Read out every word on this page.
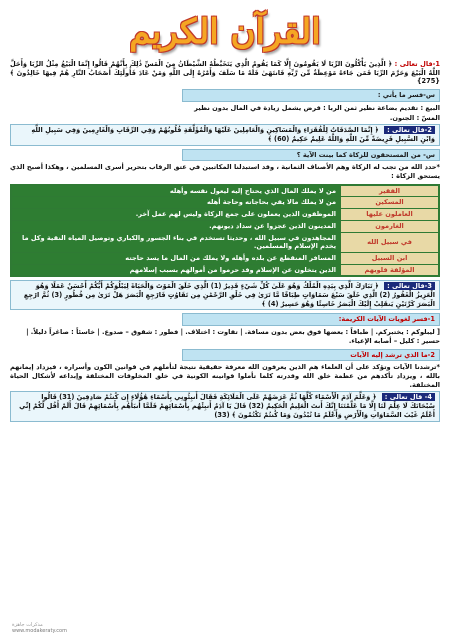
القرآن الكريم

1-قال تعالى : ﴿ الَّذِينَ يَأْكُلُونَ الرِّبَا لَا يَقُومُونَ إِلَّا كَمَا يَقُومُ الَّذِي يَتَخَبَّطُهُ الشَّيْطَانُ مِنَ الْمَسِّ ذَٰلِكَ بِأَنَّهُمْ قَالُوا إِنَّمَا الْبَيْعُ مِثْلُ الرِّبَا وَأَحَلَّ اللَّهُ الْبَيْعَ وَحَرَّمَ الرِّبَا فَمَن جَاءَهُ مَوْعِظَةٌ مِّن رَّبِّهِ فَانتَهَىٰ فَلَهُ مَا سَلَفَ وَأَمْرُهُ إِلَى اللَّهِ وَمَنْ عَادَ فَأُولَٰئِكَ أَصْحَابُ النَّارِ هُمْ فِيهَا خَالِدُونَ ﴾ {275}

س-فسر ما يأتي :
البيع : تقديم بضاعة نظير ثمن الربا : قرض يشمل زيادة في المال بدون نظير
المسّ : الجنون.
2-قال تعالى : ﴿ إِنَّمَا الصَّدَقَاتُ لِلْفُقَرَاءِ وَالْمَسَاكِينِ وَالْعَامِلِينَ عَلَيْهَا وَالْمُؤَلَّفَةِ قُلُوبُهُمْ وَفِي الرِّقَابِ وَالْغَارِمِينَ وَفِي سَبِيلِ اللَّهِ وَابْنِ السَّبِيلِ فَرِيضَةً مِّنَ اللَّهِ وَاللَّهُ عَلِيمٌ حَكِيمٌ (60) ﴾
س- من المستحقون للزكاة كما بينت الآية ؟

*حدد الله من تجب له الزكاة وهم الأصناف الثمانية ، وقد استبدلنا المكاتبين في عتق الرقاب بتحرير أسرى المسلمين ، وهكذا أصبح الذي يستحق الزكاة :

الفقير	من لا يملك المال الذي يحتاج إليه ليعول نفسه وأهله
المسكين	من لا يملك مالا يفي بحاجاته وحاجة أهله
العاملون عليها	الموظفون الذين يعملون على جمع الزكاة وليس لهم عمل آخر.
الغارمون	المدينون الذين عجزوا عن سداد ديونهم.
في سبيل الله	المجاهدون في سبيل الله ، وحديثا تستخدم في بناء الجسور والكباري وتوصيل المياه النقية وكل ما يخدم الإسلام والمسلمين.
ابن السبيل	المسافر المنقطع عن بلده وأهله ولا يملك من المال ما يسد حاجته
المؤلفة قلوبهم	الذين يتخلون عن الإسلام وقد حرموا من أموالهم بسبب إسلامهم
3-قال تعالى : ﴿ تَبَارَكَ الَّذِي بِيَدِهِ الْمُلْكُ وَهُوَ عَلَىٰ كُلِّ شَيْءٍ قَدِيرٌ (1) الَّذِي خَلَقَ الْمَوْتَ وَالْحَيَاةَ لِيَبْلُوَكُمْ أَيُّكُمْ أَحْسَنُ عَمَلًا وَهُوَ الْعَزِيزُ الْغَفُورُ (2) الَّذِي خَلَقَ سَبْعَ سَمَاوَاتٍ طِبَاقًا مَّا تَرَىٰ فِي خَلْقِ الرَّحْمَٰنِ مِن تَفَاوُتٍ فَارْجِعِ الْبَصَرَ هَلْ تَرَىٰ مِن فُطُورٍ (3) ثُمَّ ارْجِعِ الْبَصَرَ كَرَّتَيْنِ يَنقَلِبْ إِلَيْكَ الْبَصَرُ خَاسِئًا وَهُوَ حَسِيرٌ (4) ﴾
1-فسر لغويات الآيات الكريمة:
[ ليبلوكم : يختبركم. | طباقاً : بعضها فوق بعض بدون مسافة. | تفاوت : اختلاف. | فطور : شقوق – صدوع. | خاسئاً : صاغراً ذليلاً. | حسير : كليل – أصابه الإعياء.
2-ما الذي ترشد إليه الآيات

*ترشدنا الآيات وتؤكد على أن العلماء هم الذين يعرفون الله معرفة حقيقية نتيجة لتأملهم في قوانين الكون وأسراره ، فيزداد إيمانهم بالله ، ويزداد تأكدهم من عظمة خلق الله وقدرته كلما تأملوا قوانينه الكونية في خلق المخلوقات المختلفة وإبداعه لأشكال الحياة المختلفة.

4- قال تعالى : ﴿ وَعَلَّمَ آدَمَ الْأَسْمَاءَ كُلَّهَا ثُمَّ عَرَضَهُمْ عَلَى الْمَلَائِكَةِ فَقَالَ أَنبِئُونِي بِأَسْمَاءِ هَٰؤُلَاءِ إِن كُنتُمْ صَادِقِينَ (31) قَالُوا سُبْحَانَكَ لَا عِلْمَ لَنَا إِلَّا مَا عَلَّمْتَنَا إِنَّكَ أَنتَ الْعَلِيمُ الْحَكِيمُ (32) قَالَ يَا آدَمُ أَنبِئْهُم بِأَسْمَائِهِمْ فَلَمَّا أَنبَأَهُم بِأَسْمَائِهِمْ قَالَ أَلَمْ أَقُل لَّكُمْ إِنِّي أَعْلَمُ غَيْبَ السَّمَاوَاتِ وَالْأَرْضِ وَأَعْلَمُ مَا تُبْدُونَ وَمَا كُنتُمْ تَكْتُمُونَ ﴾ (33)
مذكرات جاهزة
www.modakeraty.com
